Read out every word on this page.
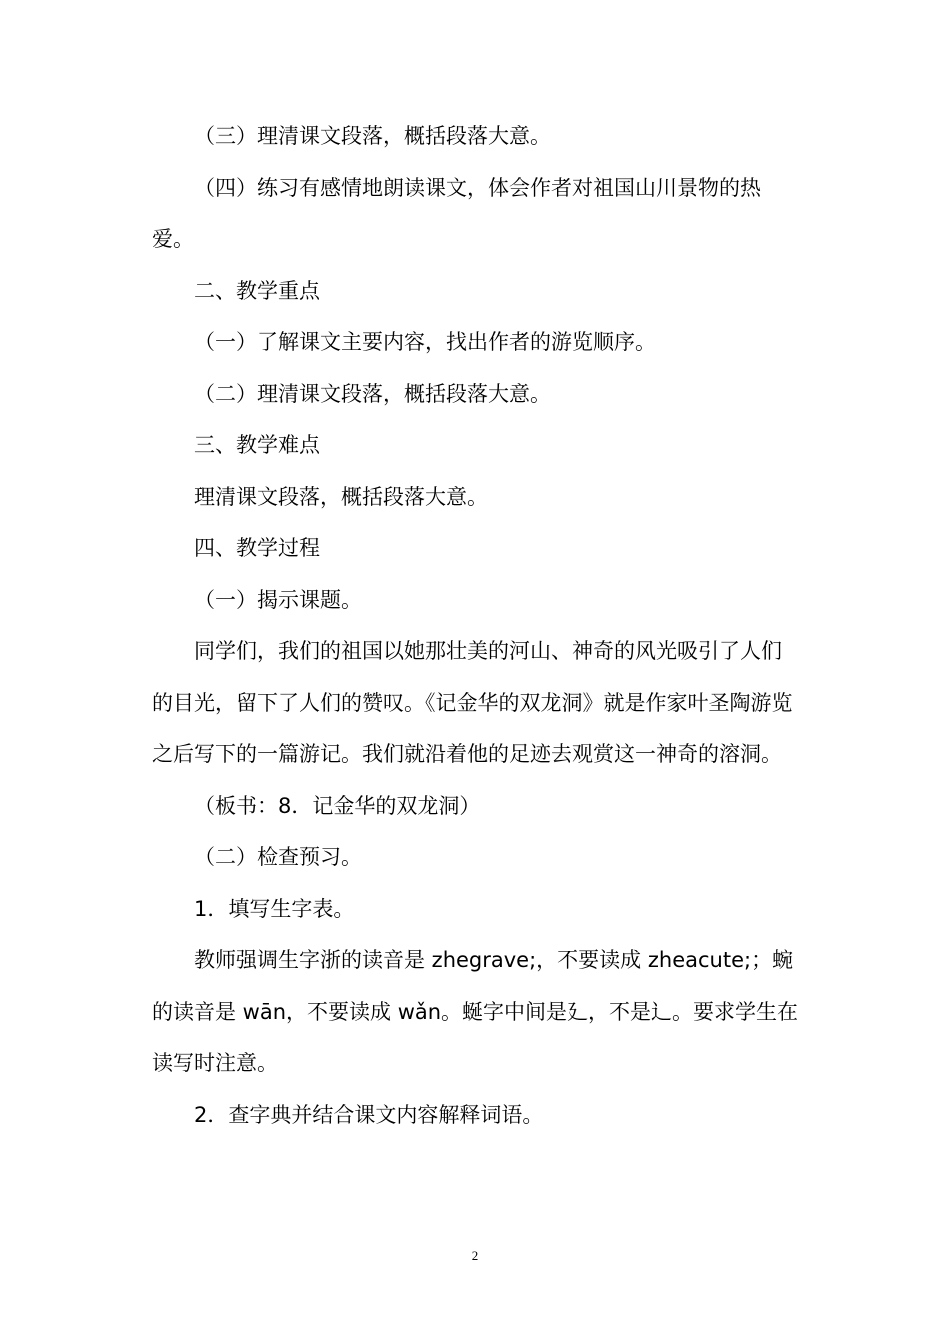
（三）理清课文段落，概括段落大意。

（四）练习有感情地朗读课文，体会作者对祖国山川景物的热爱。

二、教学重点

（一）了解课文主要内容，找出作者的游览顺序。

（二）理清课文段落，概括段落大意。

三、教学难点

理清课文段落，概括段落大意。

四、教学过程

（一）揭示课题。

同学们，我们的祖国以她那壮美的河山、神奇的风光吸引了人们的目光，留下了人们的赞叹。《记金华的双龙洞》就是作家叶圣陶游览之后写下的一篇游记。我们就沿着他的足迹去观赏这一神奇的溶洞。

（板书：8．记金华的双龙洞）

（二）检查预习。

1．填写生字表。

教师强调生字浙的读音是 zhegrave;，不要读成 zheacute;；蜿的读音是 wān，不要读成 wǎn。蜒字中间是廴，不是辶。要求学生在读写时注意。

2．查字典并结合课文内容解释词语。

2
